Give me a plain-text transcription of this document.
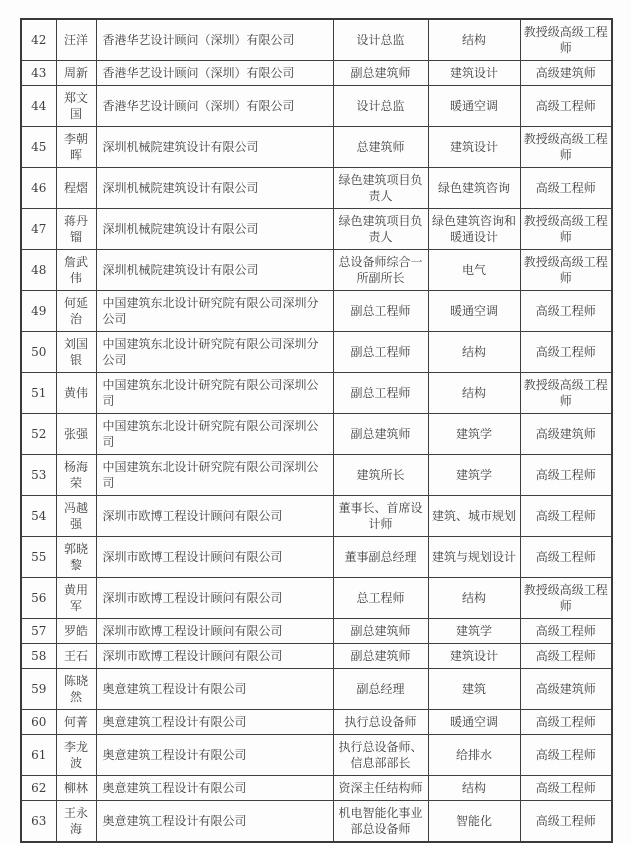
42	汪洋	香港华艺设计顾问（深圳）有限公司	设计总监	结构	教授级高级工程师
43	周新	香港华艺设计顾问（深圳）有限公司	副总建筑师	建筑设计	高级建筑师
44	郑文国	香港华艺设计顾问（深圳）有限公司	设计总监	暖通空调	高级工程师
45	李朝晖	深圳机械院建筑设计有限公司	总建筑师	建筑设计	教授级高级工程师
46	程熠	深圳机械院建筑设计有限公司	绿色建筑项目负责人	绿色建筑咨询	高级工程师
47	蒋丹镏	深圳机械院建筑设计有限公司	绿色建筑项目负责人	绿色建筑咨询和暖通设计	教授级高级工程师
48	詹武伟	深圳机械院建筑设计有限公司	总设备师综合一所副所长	电气	教授级高级工程师
49	何延治	中国建筑东北设计研究院有限公司深圳分公司	副总工程师	暖通空调	高级工程师
50	刘国银	中国建筑东北设计研究院有限公司深圳分公司	副总工程师	结构	高级工程师
51	黄伟	中国建筑东北设计研究院有限公司深圳公司	副总工程师	结构	教授级高级工程师
52	张强	中国建筑东北设计研究院有限公司深圳公司	副总建筑师	建筑学	高级建筑师
53	杨海荣	中国建筑东北设计研究院有限公司深圳公司	建筑所长	建筑学	高级工程师
54	冯越强	深圳市欧博工程设计顾问有限公司	董事长、首席设计师	建筑、城市规划	高级工程师
55	郭晓黎	深圳市欧博工程设计顾问有限公司	董事副总经理	建筑与规划设计	高级工程师
56	黄用军	深圳市欧博工程设计顾问有限公司	总工程师	结构	教授级高级工程师
57	罗皓	深圳市欧博工程设计顾问有限公司	副总建筑师	建筑学	高级工程师
58	王石	深圳市欧博工程设计顾问有限公司	副总建筑师	建筑设计	高级工程师
59	陈晓然	奥意建筑工程设计有限公司	副总经理	建筑	高级建筑师
60	何菁	奥意建筑工程设计有限公司	执行总设备师	暖通空调	高级工程师
61	李龙波	奥意建筑工程设计有限公司	执行总设备师、信息部部长	给排水	高级工程师
62	柳林	奥意建筑工程设计有限公司	资深主任结构师	结构	高级工程师
63	王永海	奥意建筑工程设计有限公司	机电智能化事业部总设备师	智能化	高级工程师
